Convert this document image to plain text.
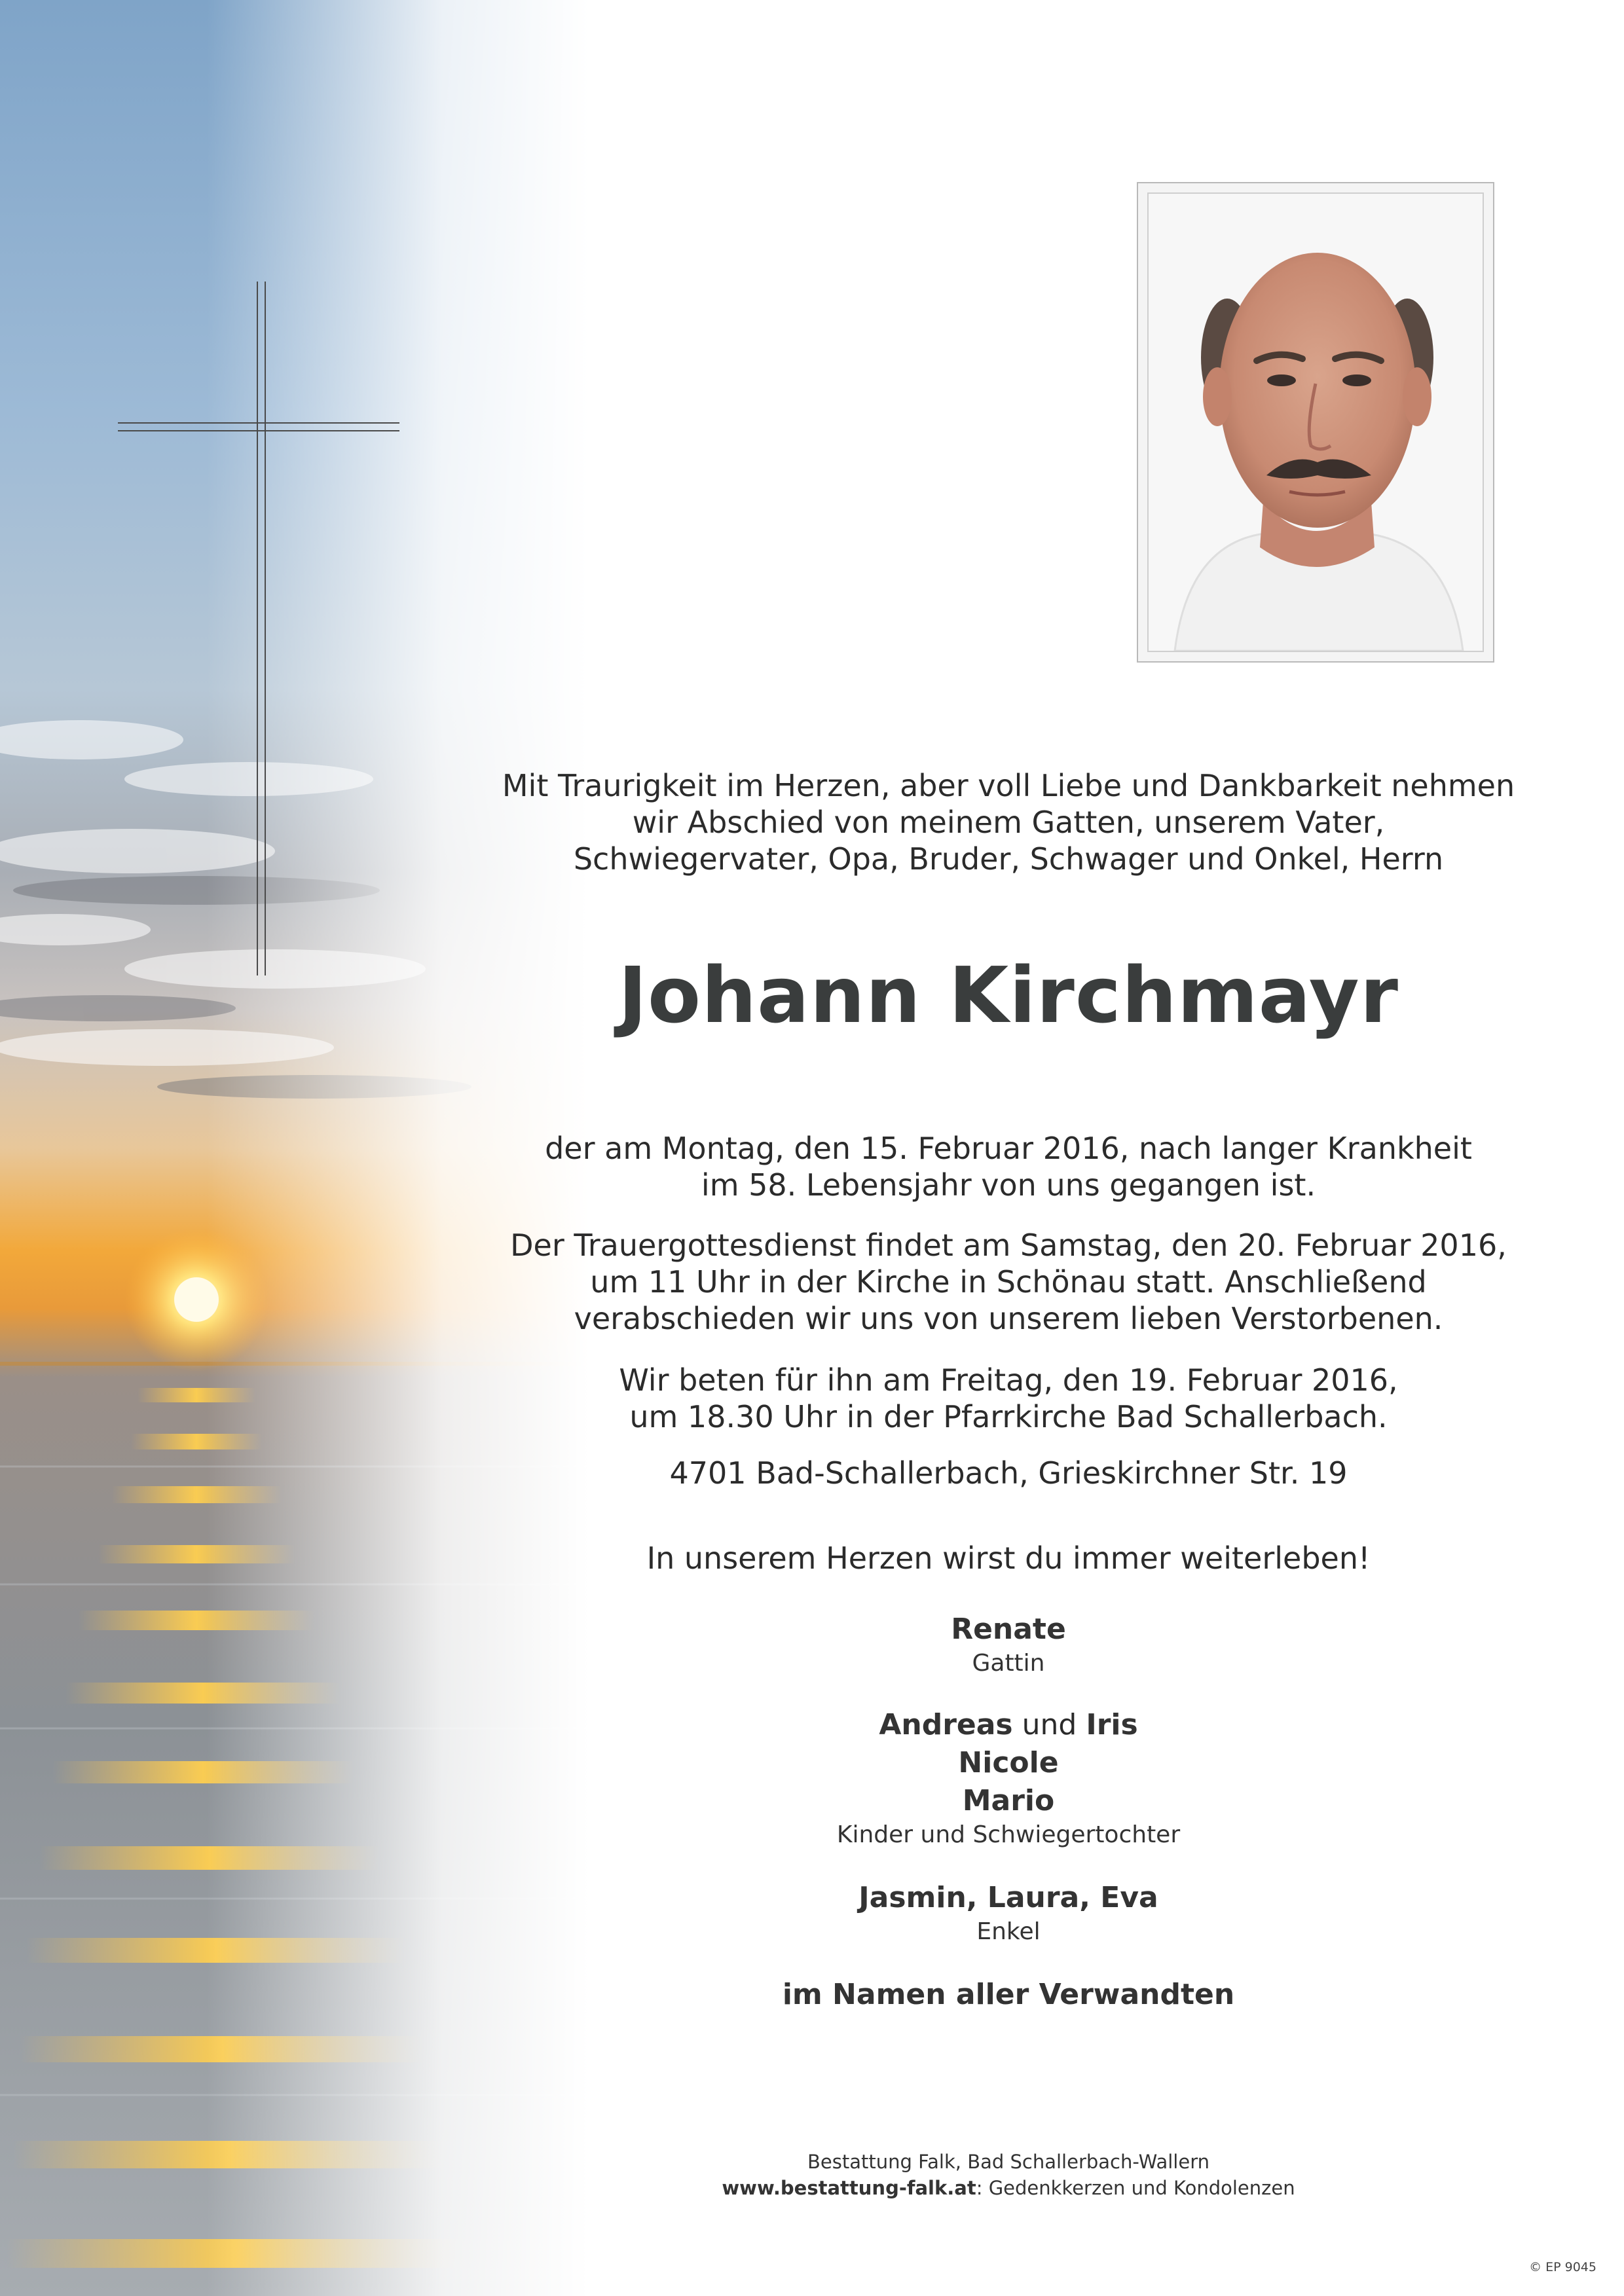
Mit Traurigkeit im Herzen, aber voll Liebe und Dankbarkeit nehmen

wir Abschied von meinem Gatten, unserem Vater,

Schwiegervater, Opa, Bruder, Schwager und Onkel, Herrn

Johann Kirchmayr

der am Montag, den 15. Februar 2016, nach langer Krankheit

im 58. Lebensjahr von uns gegangen ist.

Der Trauergottesdienst findet am Samstag, den 20. Februar 2016,

um 11 Uhr in der Kirche in Schönau statt. Anschließend

verabschieden wir uns von unserem lieben Verstorbenen.

Wir beten für ihn am Freitag, den 19. Februar 2016,

um 18.30 Uhr in der Pfarrkirche Bad Schallerbach.

4701 Bad-Schallerbach, Grieskirchner Str. 19

In unserem Herzen wirst du immer weiterleben!

Renate

Gattin

Andreas und Iris

Nicole

Mario

Kinder und Schwiegertochter

Jasmin, Laura, Eva

Enkel

im Namen aller Verwandten

Bestattung Falk, Bad Schallerbach-Wallern

www.bestattung-falk.at: Gedenkkerzen und Kondolenzen

© EP 9045
